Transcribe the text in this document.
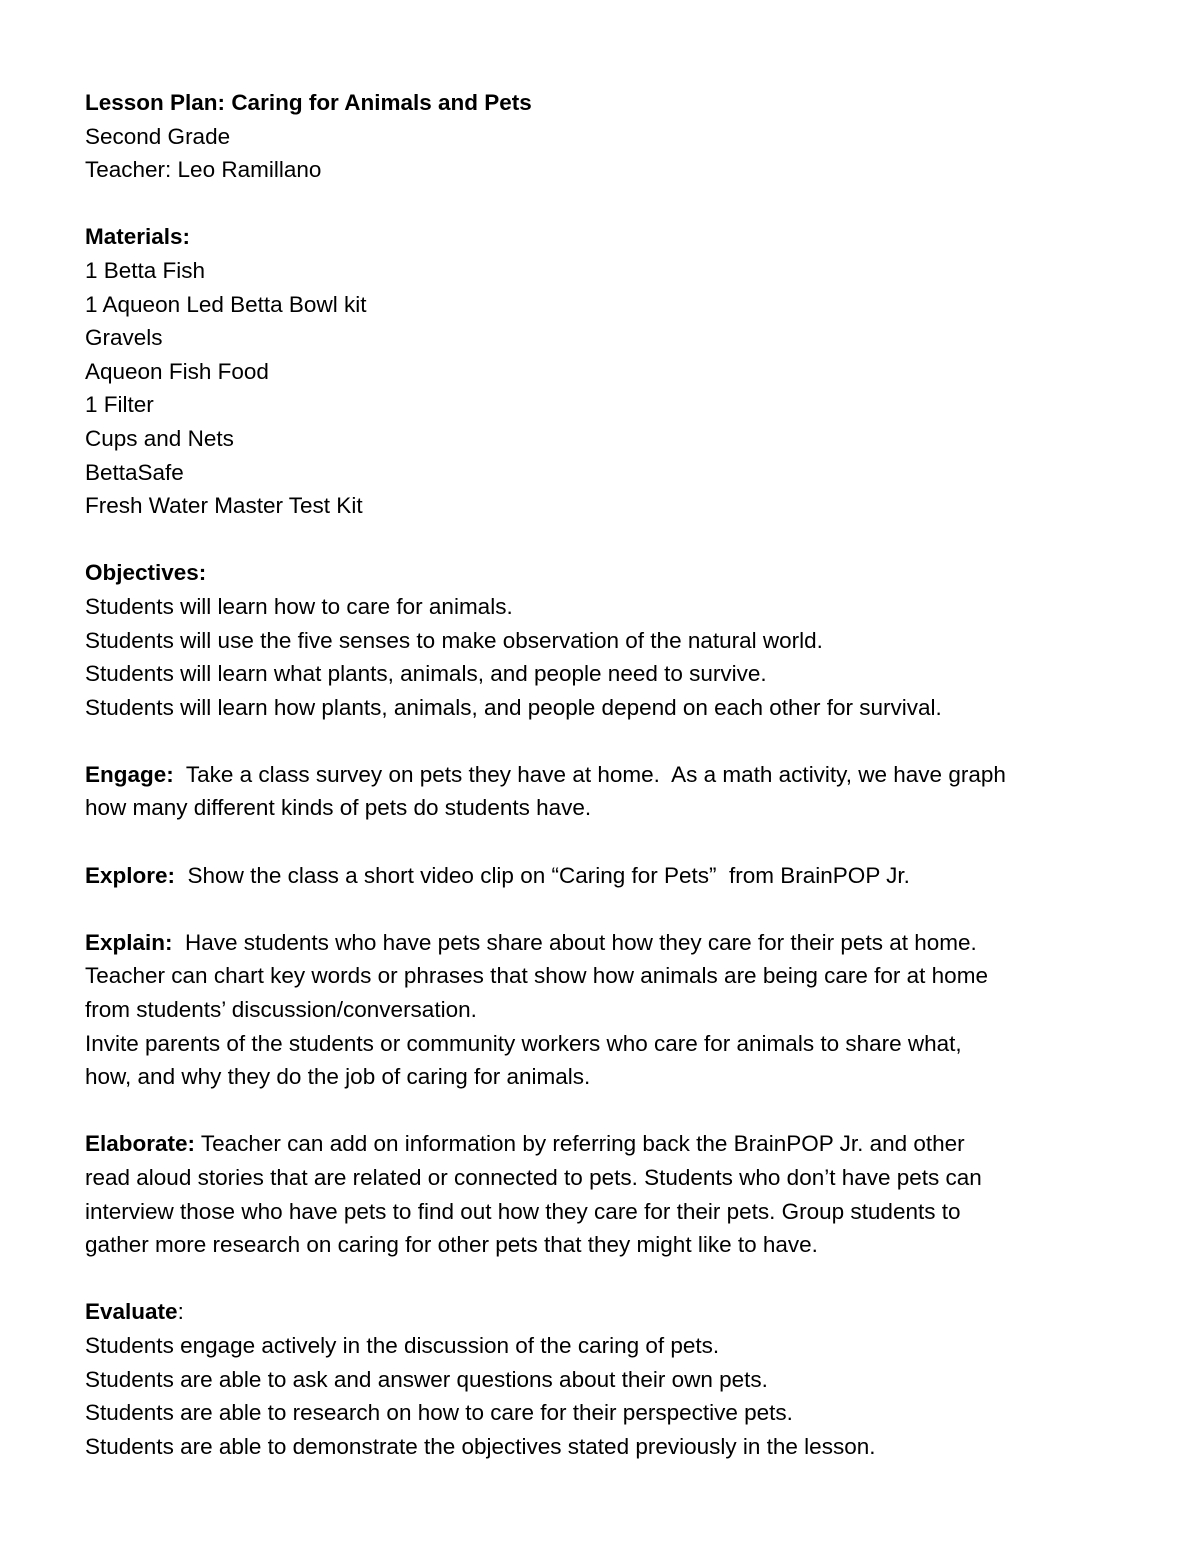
Lesson Plan: Caring for Animals and Pets
Second Grade
Teacher: Leo Ramillano
Materials:
1 Betta Fish
1 Aqueon Led Betta Bowl kit
Gravels
Aqueon Fish Food
1 Filter
Cups and Nets
BettaSafe
Fresh Water Master Test Kit
Objectives:
Students will learn how to care for animals.
Students will use the five senses to make observation of the natural world.
Students will learn what plants, animals, and people need to survive.
Students will learn how plants, animals, and people depend on each other for survival.
Engage:  Take a class survey on pets they have at home.  As a math activity, we have graph
how many different kinds of pets do students have.
Explore:  Show the class a short video clip on “Caring for Pets”  from BrainPOP Jr.
Explain:  Have students who have pets share about how they care for their pets at home.
Teacher can chart key words or phrases that show how animals are being care for at home
from students’ discussion/conversation.
Invite parents of the students or community workers who care for animals to share what,
how, and why they do the job of caring for animals.
Elaborate: Teacher can add on information by referring back the BrainPOP Jr. and other
read aloud stories that are related or connected to pets. Students who don’t have pets can
interview those who have pets to find out how they care for their pets. Group students to
gather more research on caring for other pets that they might like to have.
Evaluate:
Students engage actively in the discussion of the caring of pets.
Students are able to ask and answer questions about their own pets.
Students are able to research on how to care for their perspective pets.
Students are able to demonstrate the objectives stated previously in the lesson.
